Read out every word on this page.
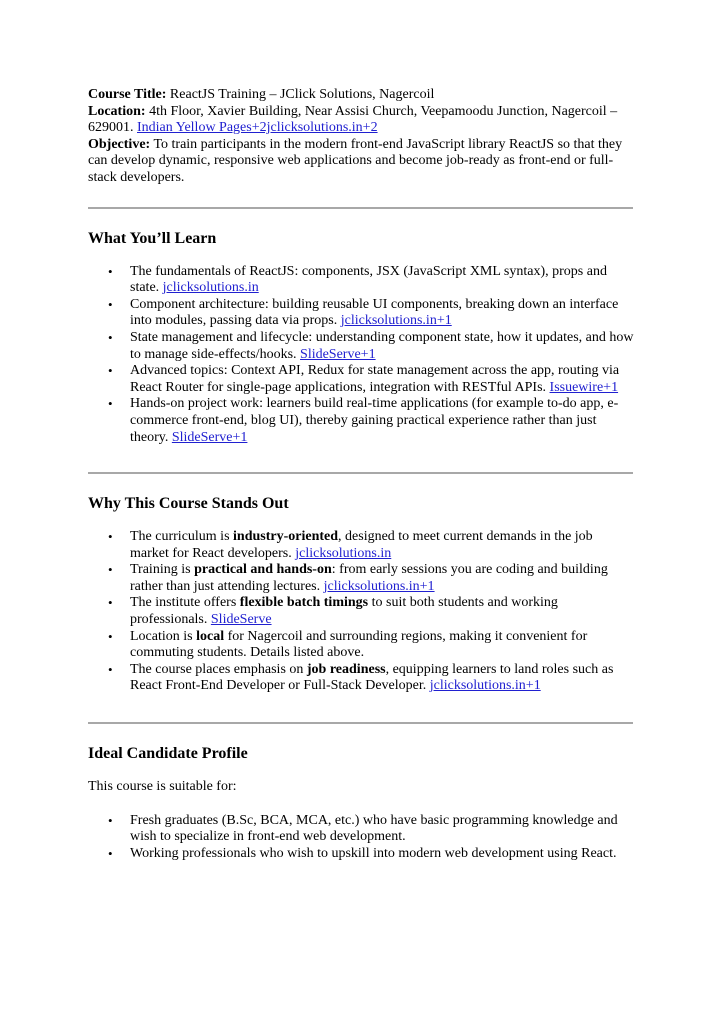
Course Title: ReactJS Training – JClick Solutions, Nagercoil

Location: 4th Floor, Xavier Building, Near Assisi Church, Veepamoodu Junction, Nagercoil – 629001. Indian Yellow Pages+2jclicksolutions.in+2

Objective: To train participants in the modern front-end JavaScript library ReactJS so that they can develop dynamic, responsive web applications and become job-ready as front-end or full-stack developers.

What You’ll Learn
• The fundamentals of ReactJS: components, JSX (JavaScript XML syntax), props and state. jclicksolutions.in
• Component architecture: building reusable UI components, breaking down an interface into modules, passing data via props. jclicksolutions.in+1
• State management and lifecycle: understanding component state, how it updates, and how to manage side-effects/hooks. SlideServe+1
• Advanced topics: Context API, Redux for state management across the app, routing via React Router for single-page applications, integration with RESTful APIs. Issuewire+1
• Hands-on project work: learners build real-time applications (for example to-do app, e-commerce front-end, blog UI), thereby gaining practical experience rather than just theory. SlideServe+1
Why This Course Stands Out
• The curriculum is industry-oriented, designed to meet current demands in the job market for React developers. jclicksolutions.in
• Training is practical and hands-on: from early sessions you are coding and building rather than just attending lectures. jclicksolutions.in+1
• The institute offers flexible batch timings to suit both students and working professionals. SlideServe
• Location is local for Nagercoil and surrounding regions, making it convenient for commuting students. Details listed above.
• The course places emphasis on job readiness, equipping learners to land roles such as React Front-End Developer or Full-Stack Developer. jclicksolutions.in+1
Ideal Candidate Profile

This course is suitable for:

• Fresh graduates (B.Sc, BCA, MCA, etc.) who have basic programming knowledge and wish to specialize in front-end web development.
• Working professionals who wish to upskill into modern web development using React.
